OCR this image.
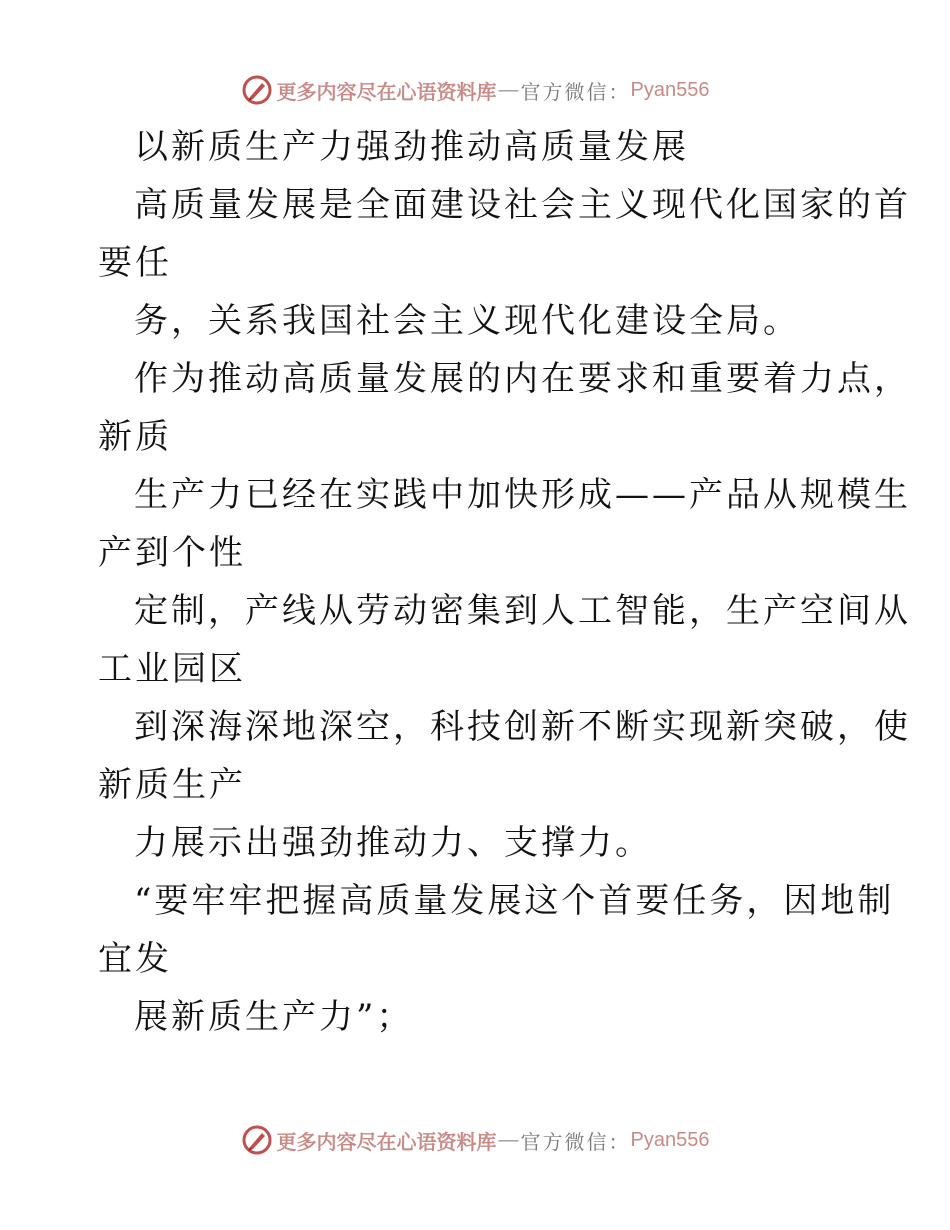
更多内容尽在心语资料库 — 官方微信： Pyan556
以新质生产力强劲推动高质量发展
高质量发展是全面建设社会主义现代化国家的首
要任
务，关系我国社会主义现代化建设全局。
作为推动高质量发展的内在要求和重要着力点，
新质
生产力已经在实践中加快形成——产品从规模生
产到个性
定制，产线从劳动密集到人工智能，生产空间从
工业园区
到深海深地深空，科技创新不断实现新突破，使
新质生产
力展示出强劲推动力、支撑力。
“要牢牢把握高质量发展这个首要任务，因地制
宜发
展新质生产力”；
更多内容尽在心语资料库 — 官方微信： Pyan556
